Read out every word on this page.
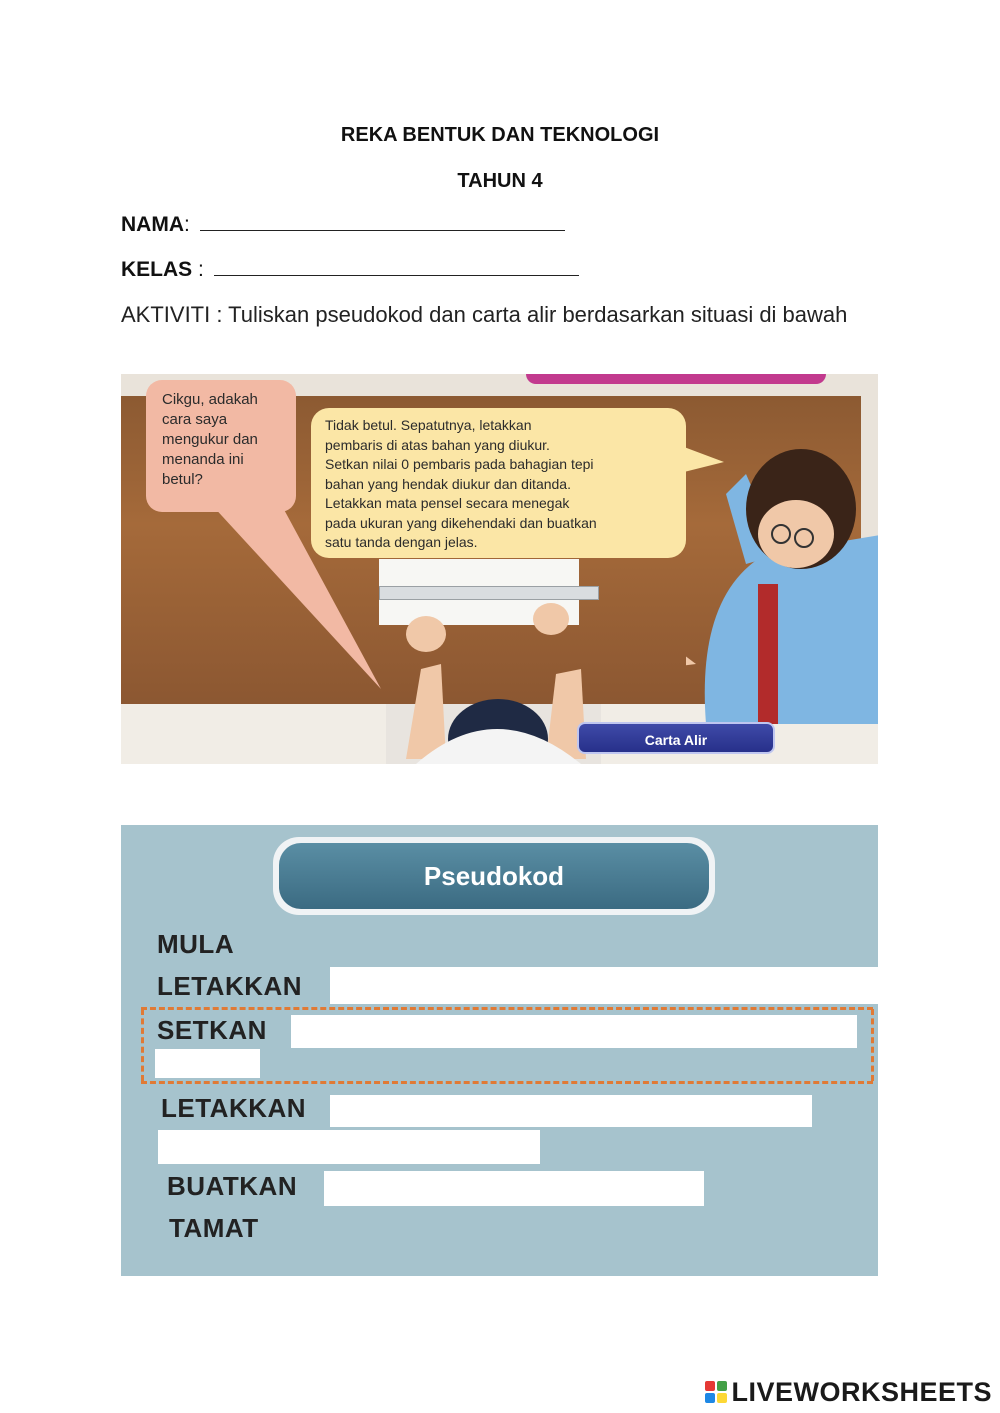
REKA BENTUK DAN TEKNOLOGI
TAHUN 4
NAMA:
KELAS :
AKTIVITI : Tuliskan pseudokod dan carta alir berdasarkan situasi di bawah
Cikgu, adakah
cara saya
mengukur dan
menanda ini
betul?
Tidak betul. Sepatutnya, letakkan
pembaris di atas bahan yang diukur.
Setkan nilai 0 pembaris pada bahagian tepi
bahan yang hendak diukur dan ditanda.
Letakkan mata pensel secara menegak
pada ukuran yang dikehendaki dan buatkan
satu tanda dengan jelas.
Carta Alir
Pseudokod
MULA
LETAKKAN
SETKAN
LETAKKAN
BUATKAN
TAMAT
LIVEWORKSHEETS
